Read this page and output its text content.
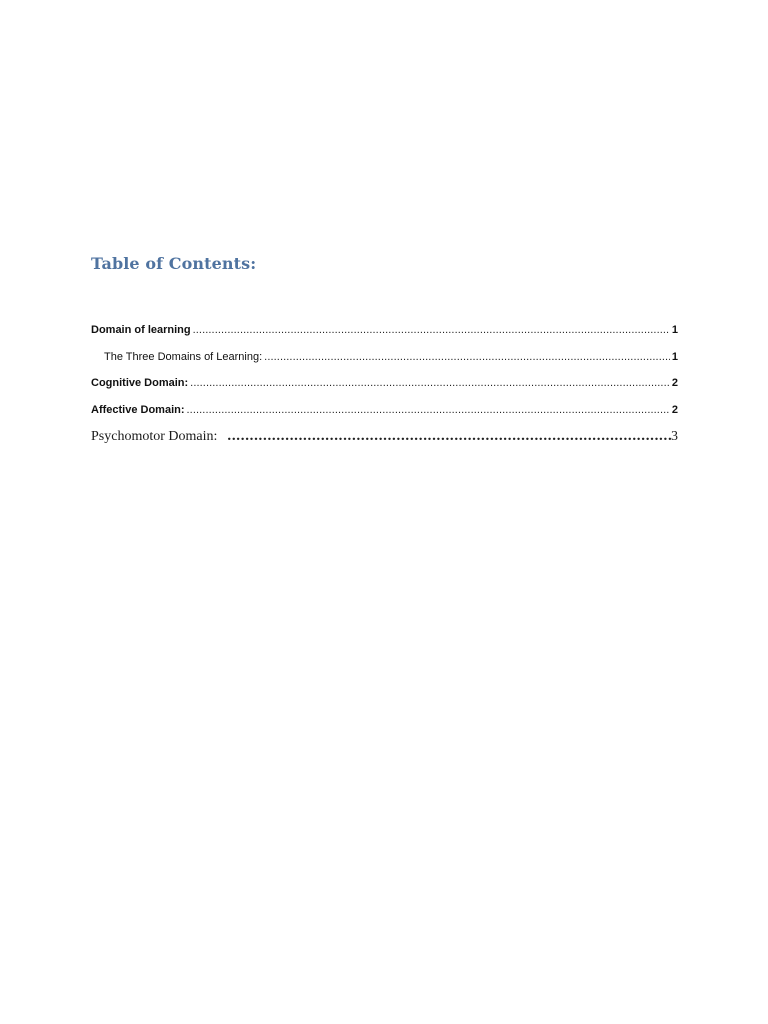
Table of Contents:
Domain of learning .....	1
The Three Domains of Learning: .....	1
Cognitive Domain: .....	2
Affective Domain: .....	2
Psychomotor Domain: .....	3
